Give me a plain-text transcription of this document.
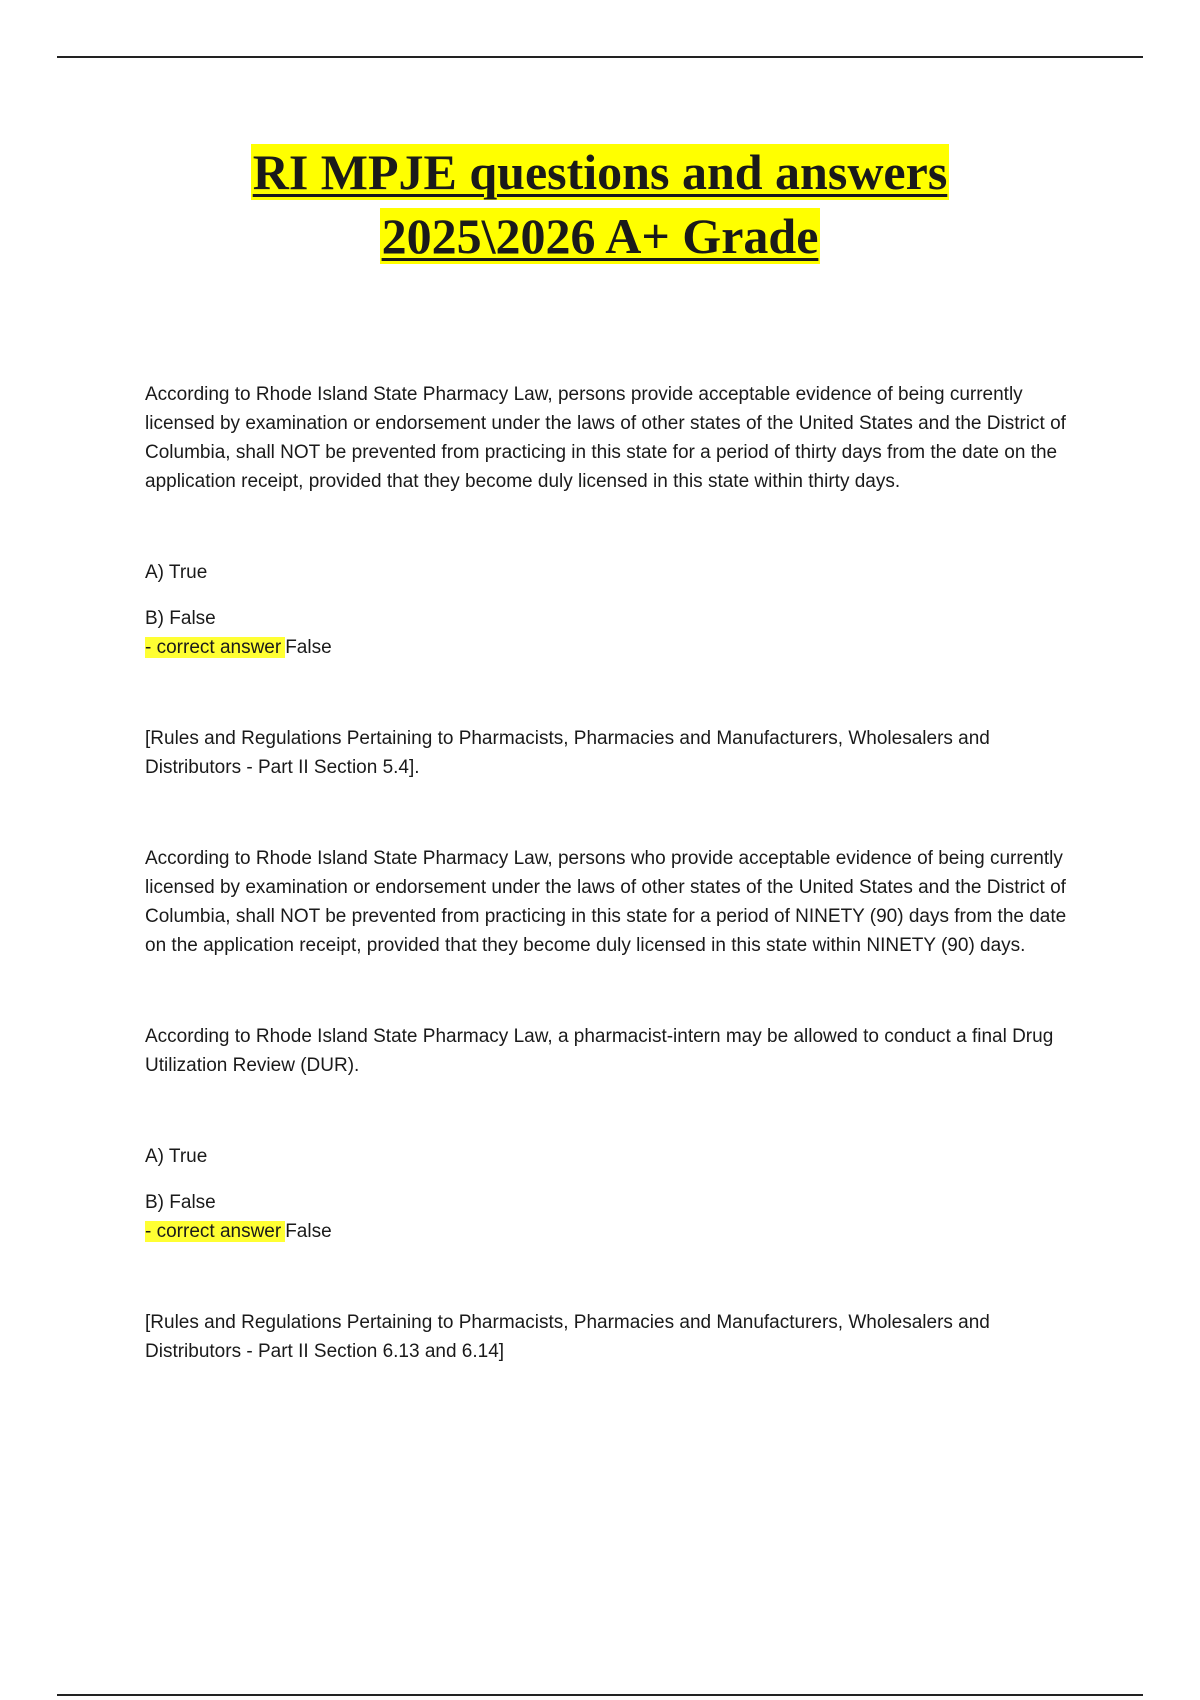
RI MPJE questions and answers
2025\2026 A+ Grade

According to Rhode Island State Pharmacy Law, persons provide acceptable evidence of being currently licensed by examination or endorsement under the laws of other states of the United States and the District of Columbia, shall NOT be prevented from practicing in this state for a period of thirty days from the date on the application receipt, provided that they become duly licensed in this state within thirty days.

A) True

B) False

- correct answer False

[Rules and Regulations Pertaining to Pharmacists, Pharmacies and Manufacturers, Wholesalers and Distributors - Part II Section 5.4].

According to Rhode Island State Pharmacy Law, persons who provide acceptable evidence of being currently licensed by examination or endorsement under the laws of other states of the United States and the District of Columbia, shall NOT be prevented from practicing in this state for a period of NINETY (90) days from the date on the application receipt, provided that they become duly licensed in this state within NINETY (90) days.

According to Rhode Island State Pharmacy Law, a pharmacist-intern may be allowed to conduct a final Drug Utilization Review (DUR).

A) True

B) False

- correct answer False

[Rules and Regulations Pertaining to Pharmacists, Pharmacies and Manufacturers, Wholesalers and Distributors - Part II Section 6.13 and 6.14]
